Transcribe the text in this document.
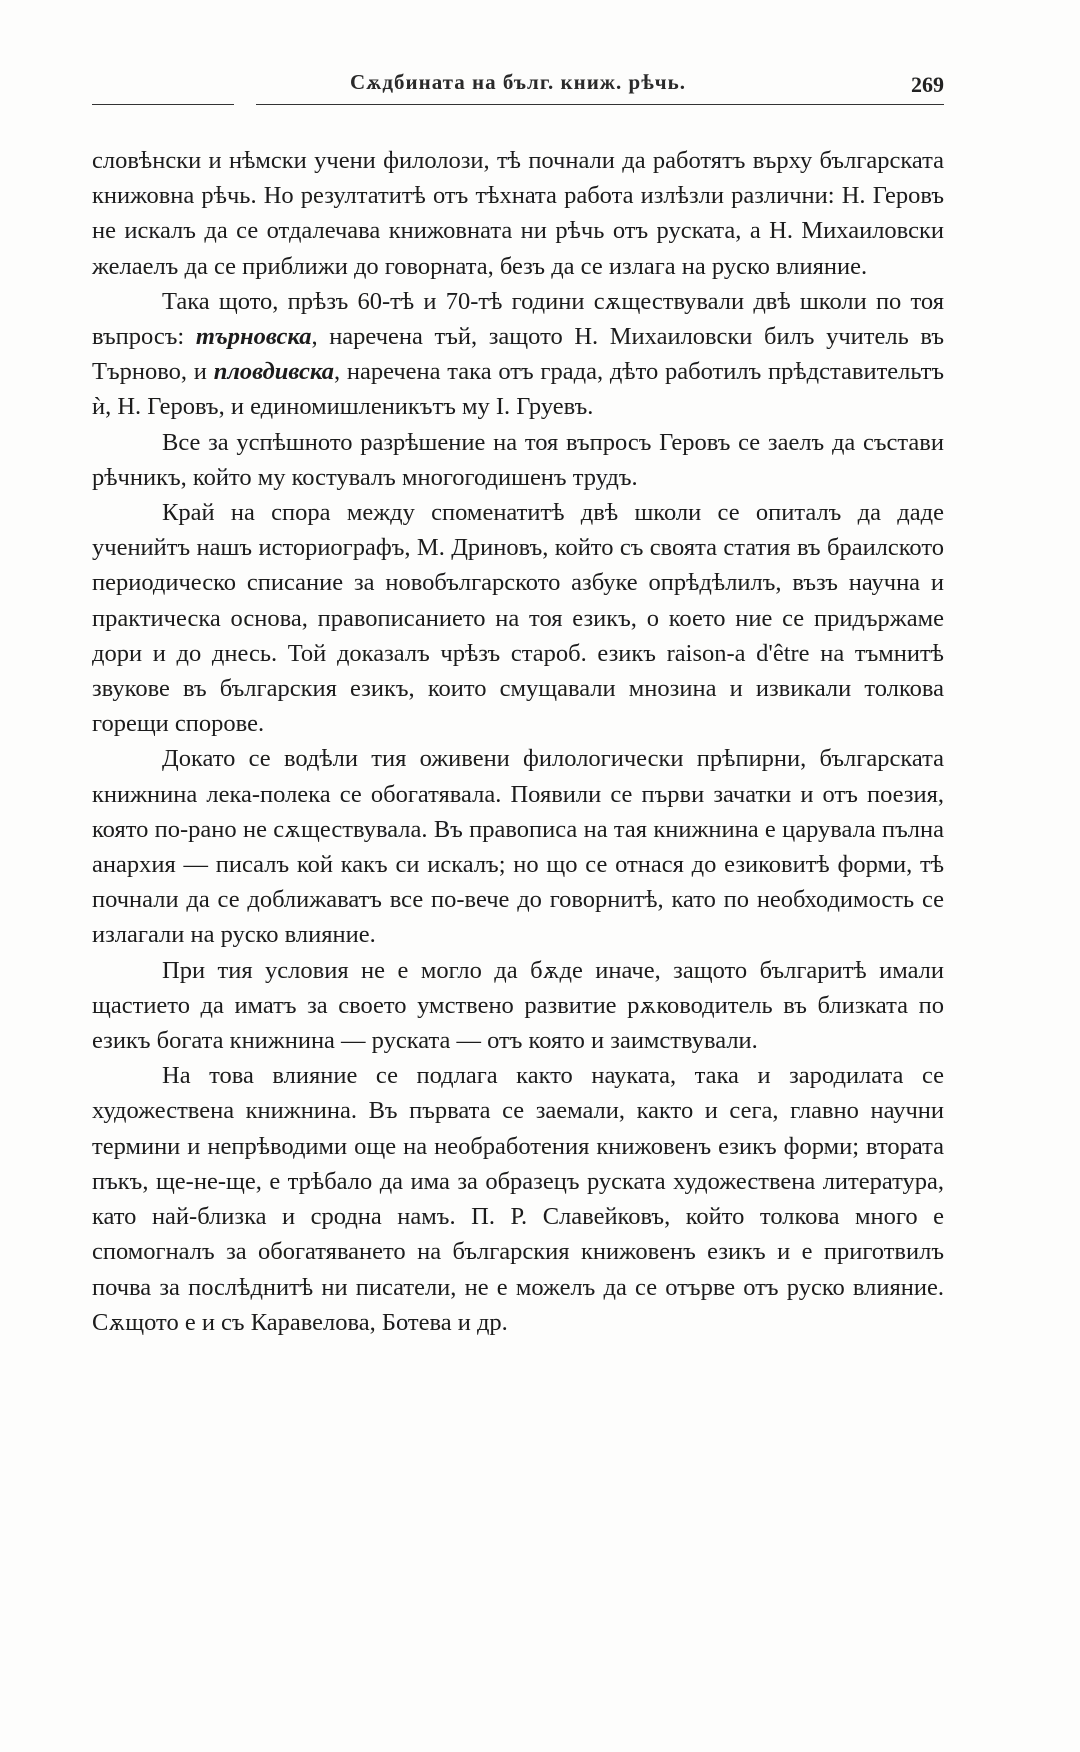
Сѫдбината на бълг. книж. рѣчь.	269

словѣнски и нѣмски учени филолози, тѣ почнали да работятъ върху българската книжовна рѣчь. Но резултатитѣ отъ тѣхната работа излѣзли различни: Н. Геровъ не искалъ да се отдалечава книжовната ни рѣчь отъ руската, а Н. Михаиловски желаелъ да се приближи до говорната, безъ да се излага на руско влияние.

Така щото, прѣзъ 60-тѣ и 70-тѣ години сѫществували двѣ школи по тоя въпросъ: търновска, наречена тъй, защото Н. Михаиловски билъ учитель въ Търново, и пловдивска, наречена така отъ града, дѣто работилъ прѣдставительтъ ѝ, Н. Геровъ, и единомишленикътъ му І. Груевъ.

Все за успѣшното разрѣшение на тоя въпросъ Геровъ се заелъ да състави рѣчникъ, който му костувалъ многогодишенъ трудъ.

Край на спора между споменатитѣ двѣ школи се опиталъ да даде ученийтъ нашъ историографъ, М. Дриновъ, който съ своята статия въ браилското периодическо списание за новобългарското азбуке опрѣдѣлилъ, възъ научна и практическа основа, правописанието на тоя езикъ, о което ние се придържаме дори и до днесь. Той доказалъ чрѣзъ староб. езикъ raison-a d'être на тъмнитѣ звукове въ българския езикъ, които смущавали мнозина и извикали толкова горещи спорове.

Докато се водѣли тия оживени филологически прѣпирни, българската книжнина лека-полека се обогатявала. Появили се първи зачатки и отъ поезия, която по-рано не сѫществувала. Въ правописа на тая книжнина е царувала пълна анархия — писалъ кой какъ си искалъ; но що се отнася до езиковитѣ форми, тѣ почнали да се доближаватъ все по-вече до говорнитѣ, като по необходимость се излагали на руско влияние.

При тия условия не е могло да бѫде иначе, защото българитѣ имали щастието да иматъ за своето умствено развитие рѫководитель въ близката по езикъ богата книжнина — руската — отъ която и заимствували.

На това влияние се подлага както науката, така и зародилата се художествена книжнина. Въ първата се заемали, както и сега, главно научни термини и непрѣводими още на необработения книжовенъ езикъ форми; втората пъкъ, ще-не-ще, е трѣбало да има за образецъ руската художествена литература, като най-близка и сродна намъ. П. Р. Славейковъ, който толкова много е спомогналъ за обогатяването на българския книжовенъ езикъ и е приготвилъ почва за послѣднитѣ ни писатели, не е можелъ да се отърве отъ руско влияние. Сѫщото е и съ Каравелова, Ботева и др.
